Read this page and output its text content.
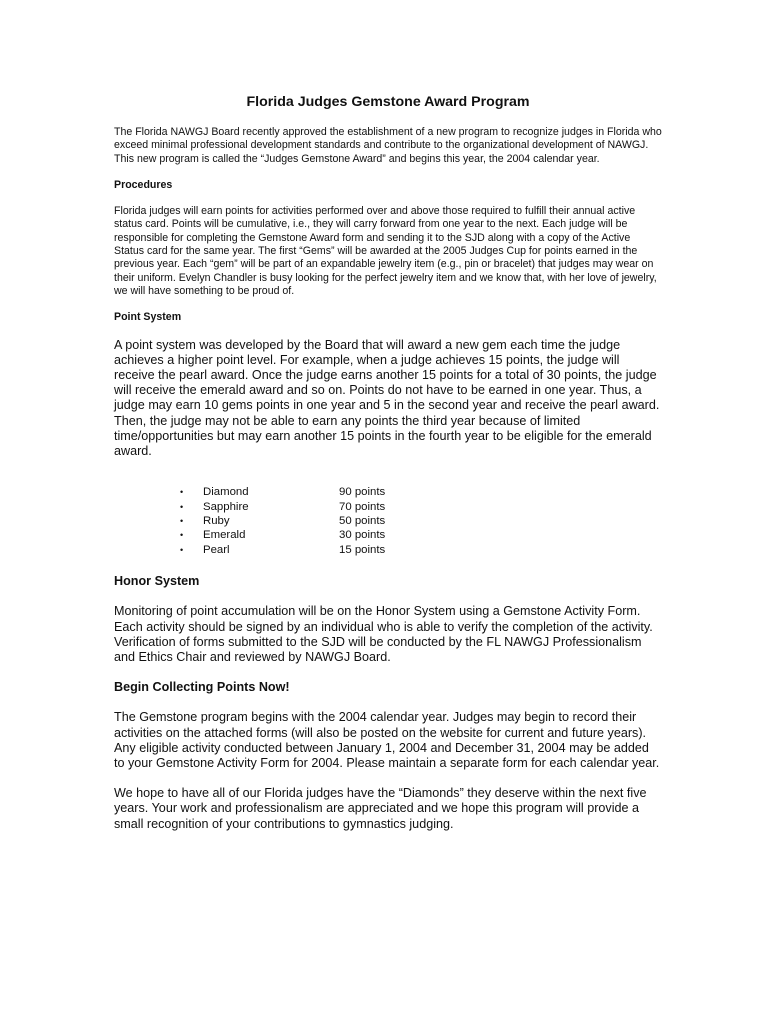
Florida Judges Gemstone Award Program

The Florida NAWGJ Board recently approved the establishment of a new program to recognize judges in Florida who exceed minimal professional development standards and contribute to the organizational development of NAWGJ. This new program is called the “Judges Gemstone Award” and begins this year, the 2004 calendar year.

Procedures

Florida judges will earn points for activities performed over and above those required to fulfill their annual active status card. Points will be cumulative, i.e., they will carry forward from one year to the next. Each judge will be responsible for completing the Gemstone Award form and sending it to the SJD along with a copy of the Active Status card for the same year. The first “Gems” will be awarded at the 2005 Judges Cup for points earned in the previous year. Each “gem” will be part of an expandable jewelry item (e.g., pin or bracelet) that judges may wear on their uniform. Evelyn Chandler is busy looking for the perfect jewelry item and we know that, with her love of jewelry, we will have something to be proud of.

Point System

A point system was developed by the Board that will award a new gem each time the judge achieves a higher point level. For example, when a judge achieves 15 points, the judge will receive the pearl award. Once the judge earns another 15 points for a total of 30 points, the judge will receive the emerald award and so on. Points do not have to be earned in one year. Thus, a judge may earn 10 gems points in one year and 5 in the second year and receive the pearl award. Then, the judge may not be able to earn any points the third year because of limited time/opportunities but may earn another 15 points in the fourth year to be eligible for the emerald award.

•	Diamond	90 points
•	Sapphire	70 points
•	Ruby	50 points
•	Emerald	30 points
•	Pearl	15 points
Honor System

Monitoring of point accumulation will be on the Honor System using a Gemstone Activity Form. Each activity should be signed by an individual who is able to verify the completion of the activity. Verification of forms submitted to the SJD will be conducted by the FL NAWGJ Professionalism and Ethics Chair and reviewed by NAWGJ Board.

Begin Collecting Points Now!

The Gemstone program begins with the 2004 calendar year. Judges may begin to record their activities on the attached forms (will also be posted on the website for current and future years). Any eligible activity conducted between January 1, 2004 and December 31, 2004 may be added to your Gemstone Activity Form for 2004. Please maintain a separate form for each calendar year.

We hope to have all of our Florida judges have the “Diamonds” they deserve within the next five years. Your work and professionalism are appreciated and we hope this program will provide a small recognition of your contributions to gymnastics judging.
